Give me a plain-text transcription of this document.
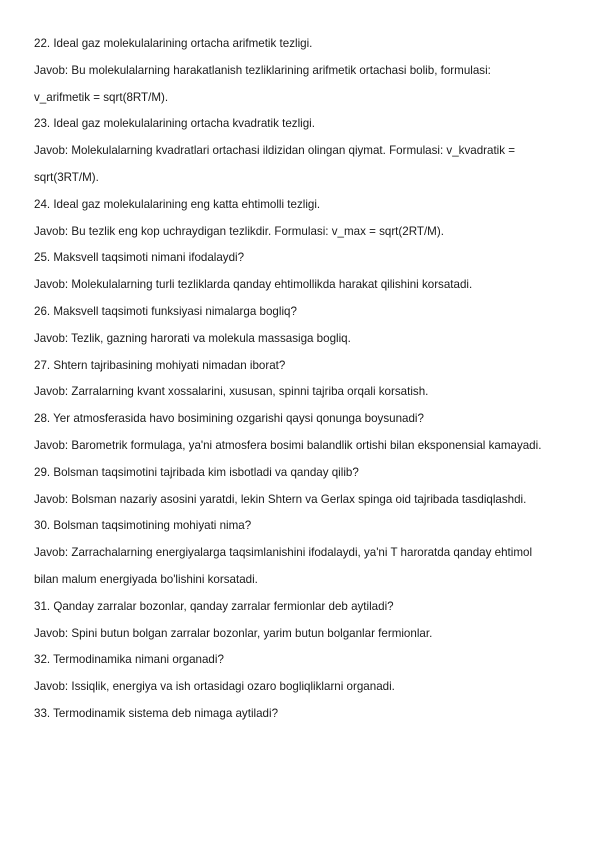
22. Ideal gaz molekulalarining ortacha arifmetik tezligi.
Javob: Bu molekulalarning harakatlanish tezliklarining arifmetik ortachasi bolib, formulasi:
v_arifmetik = sqrt(8RT/M).
23. Ideal gaz molekulalarining ortacha kvadratik tezligi.
Javob: Molekulalarning kvadratlari ortachasi ildizidan olingan qiymat. Formulasi: v_kvadratik =
sqrt(3RT/M).
24. Ideal gaz molekulalarining eng katta ehtimolli tezligi.
Javob: Bu tezlik eng kop uchraydigan tezlikdir. Formulasi: v_max = sqrt(2RT/M).
25. Maksvell taqsimoti nimani ifodalaydi?
Javob: Molekulalarning turli tezliklarda qanday ehtimollikda harakat qilishini korsatadi.
26. Maksvell taqsimoti funksiyasi nimalarga bogliq?
Javob: Tezlik, gazning harorati va molekula massasiga bogliq.
27. Shtern tajribasining mohiyati nimadan iborat?
Javob: Zarralarning kvant xossalarini, xususan, spinni tajriba orqali korsatish.
28. Yer atmosferasida havo bosimining ozgarishi qaysi qonunga boysunadi?
Javob: Barometrik formulaga, ya'ni atmosfera bosimi balandlik ortishi bilan eksponensial kamayadi.
29. Bolsman taqsimotini tajribada kim isbotladi va qanday qilib?
Javob: Bolsman nazariy asosini yaratdi, lekin Shtern va Gerlax spinga oid tajribada tasdiqlashdi.
30. Bolsman taqsimotining mohiyati nima?
Javob: Zarrachalarning energiyalarga taqsimlanishini ifodalaydi, ya'ni T haroratda qanday ehtimol
bilan malum energiyada bo'lishini korsatadi.
31. Qanday zarralar bozonlar, qanday zarralar fermionlar deb aytiladi?
Javob: Spini butun bolgan zarralar bozonlar, yarim butun bolganlar fermionlar.
32. Termodinamika nimani organadi?
Javob: Issiqlik, energiya va ish ortasidagi ozaro bogliqliklarni organadi.
33. Termodinamik sistema deb nimaga aytiladi?
